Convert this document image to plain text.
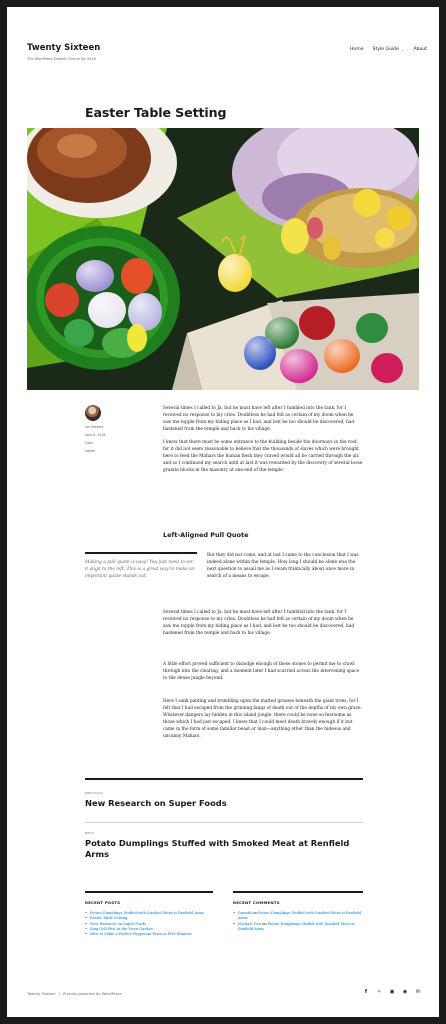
Twenty Sixteen
The WordPress Default Theme for 2016
Home Style Guide ⌄ About
Easter Table Setting
Ian Stewart
April 8, 2016
Food
easter

Several times I called to Ja, but he must have left after I tumbled into the tank, for I received no response to my cries. Doubtless he had felt as certain of my doom when he saw me topple from my hiding place as I had, and lest he too should be discovered, had hastened from the temple and back to his village.

I knew that there must be some entrance to the building beside the doorways in the roof, for it did not seem reasonable to believe that the thousands of slaves which were brought here to feed the Mahars the human flesh they craved would all be carried through the air, and so I continued my search until at last it was rewarded by the discovery of several loose granite blocks in the masonry at one end of the temple.

Left-Aligned Pull Quote
Making a pull quote is easy! You just need to set it align to the left. This is a great way to make an important quote stands out.

But they did not come, and at last I came to the conclusion that I was indeed alone within the temple. How long I should be alone was the next question to assail me as I swam frantically about once more in search of a means to escape.

Several times I called to Ja, but he must have left after I tumbled into the tank, for I received no response to my cries. Doubtless he had felt as certain of my doom when he saw me topple from my hiding place as I had, and lest he too should be discovered, had hastened from the temple and back to his village.

A little effort proved sufficient to dislodge enough of these stones to permit me to crawl through into the clearing, and a moment later I had scarried across the intervening space to the dense jungle beyond.

Here I sank panting and trembling upon the matted grasses beneath the giant trees, for I felt that I had escaped from the grinning fangs of death out of the depths of my own grave. Whatever dangers lay hidden in this island jungle, there could be none so fearsome as those which I had just escaped. I knew that I could meet death bravely enough if it but came in the form of some familiar beast or man—anything other than the hideous and uncanny Mahars.

PREVIOUS
New Research on Super Foods
NEXT
Potato Dumplings Stuffed with Smoked Meat at Renfield Arms
RECENT POSTS
• Potato Dumplings Stuffed with Smoked Meat at Renfield Arms
• Easter Table Setting
• New Research on Super Foods
• Sing Goll Fest at the Neon Garden
• How to Make a Perfect Pepperoni Pizza in Five Minutes
RECENT COMMENTS
• Dunnik on Potato Dumplings Stuffed with Smoked Meat at Renfield Arms
• Michael Doe on Potato Dumplings Stuffed with Smoked Meat at Renfield Arms
Twenty Sixteen / Proudly powered by WordPress	f	✧ ▣ ◉ ✉
